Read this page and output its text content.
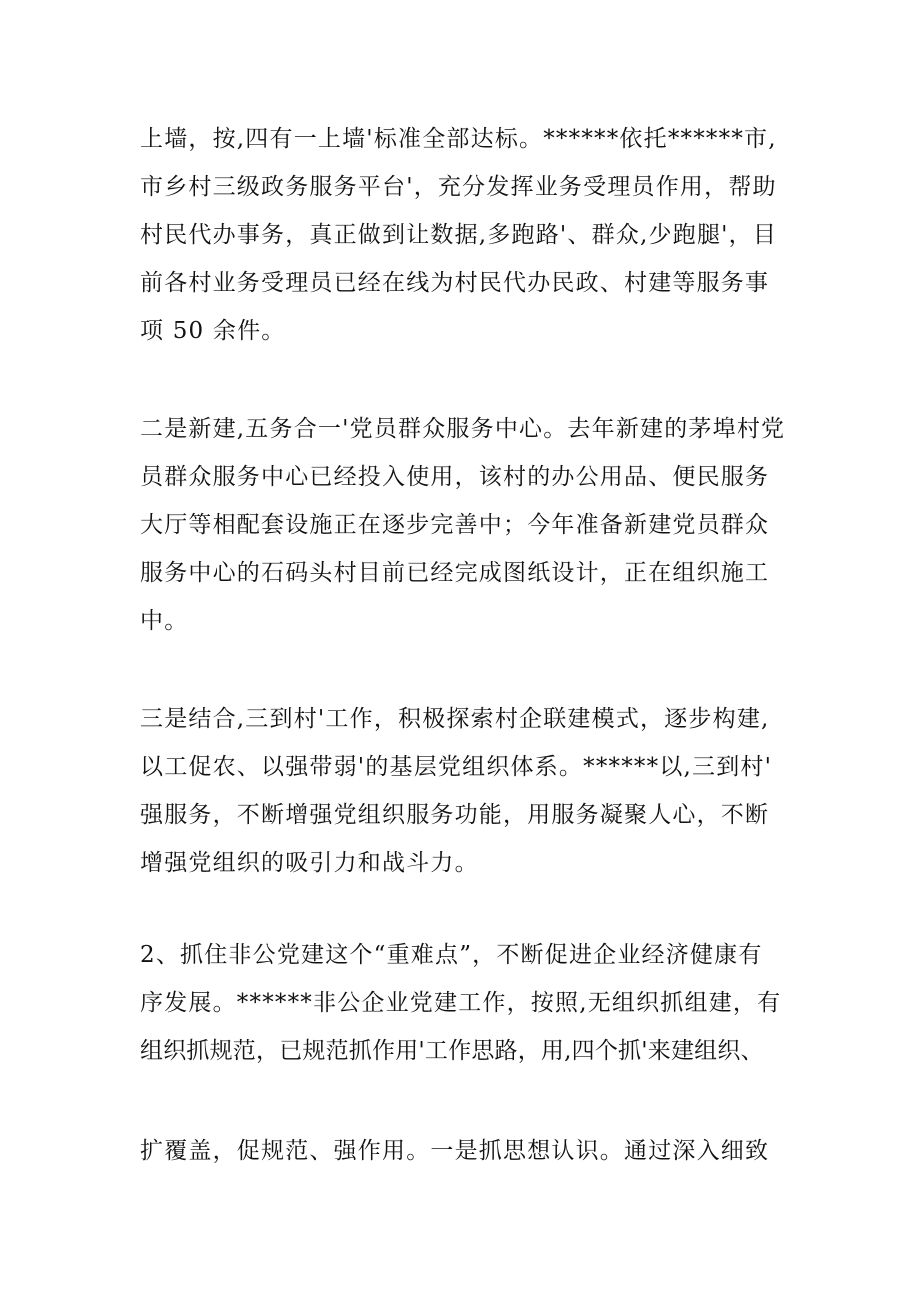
上墙，按,四有一上墙'标准全部达标。******依托******市,
市乡村三级政务服务平台'，充分发挥业务受理员作用，帮助
村民代办事务，真正做到让数据,多跑路'、群众,少跑腿'，目
前各村业务受理员已经在线为村民代办民政、村建等服务事
项 50 余件。
二是新建,五务合一'党员群众服务中心。去年新建的茅埠村党
员群众服务中心已经投入使用，该村的办公用品、便民服务
大厅等相配套设施正在逐步完善中；今年准备新建党员群众
服务中心的石码头村目前已经完成图纸设计，正在组织施工
中。
三是结合,三到村'工作，积极探索村企联建模式，逐步构建,
以工促农、以强带弱'的基层党组织体系。******以,三到村'
强服务，不断增强党组织服务功能，用服务凝聚人心，不断
增强党组织的吸引力和战斗力。
2、抓住非公党建这个“重难点”，不断促进企业经济健康有
序发展。******非公企业党建工作，按照,无组织抓组建，有
组织抓规范，已规范抓作用'工作思路，用,四个抓'来建组织、
扩覆盖，促规范、强作用。一是抓思想认识。通过深入细致
